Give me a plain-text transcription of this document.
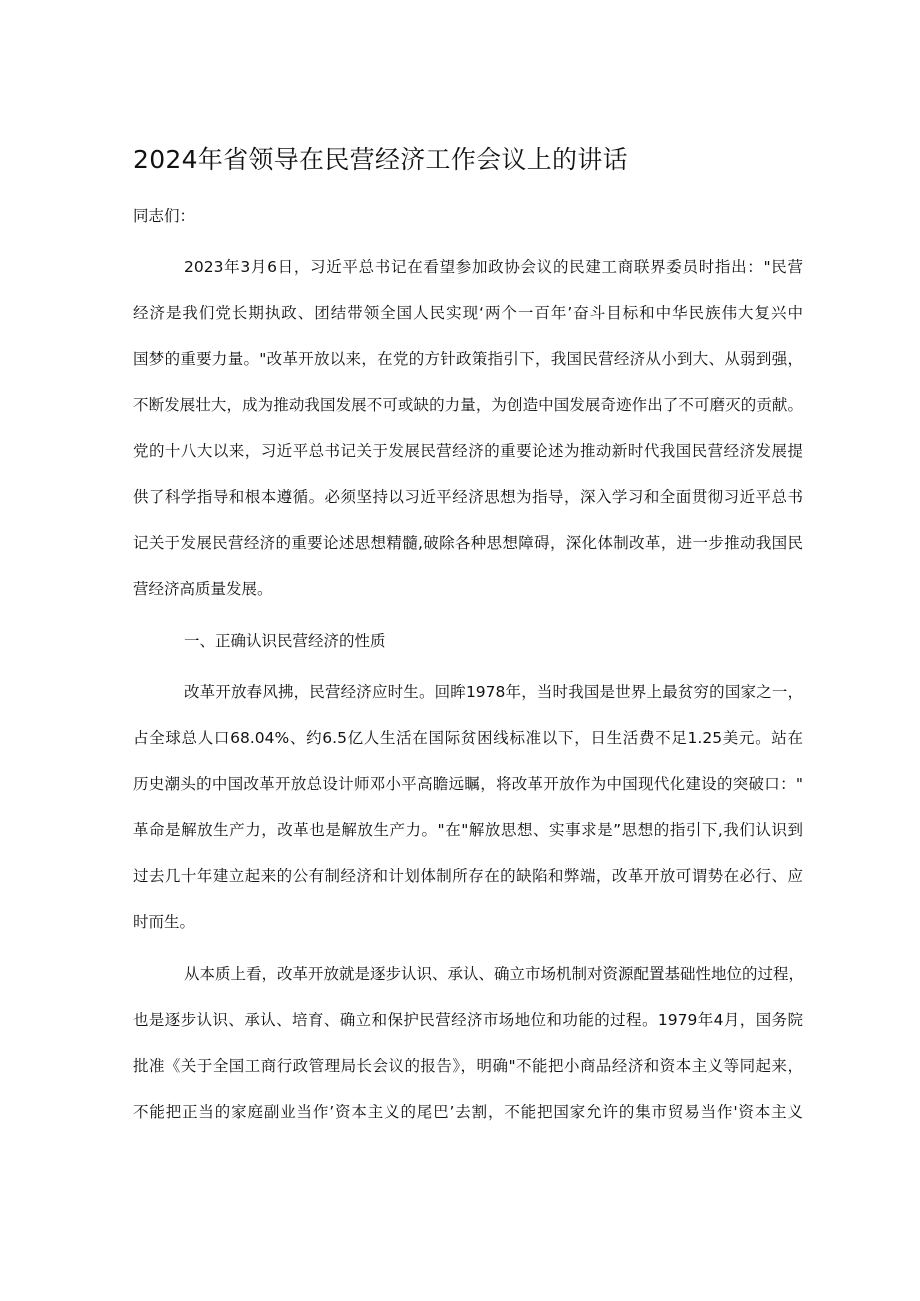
2024年省领导在民营经济工作会议上的讲话
同志们：
2023年3月6日，习近平总书记在看望参加政协会议的民建工商联界委员时指出："民营
经济是我们党长期执政、团结带领全国人民实现‘两个一百年’奋斗目标和中华民族伟大复兴中
国梦的重要力量。"改革开放以来，在党的方针政策指引下，我国民营经济从小到大、从弱到强，
不断发展壮大，成为推动我国发展不可或缺的力量，为创造中国发展奇迹作出了不可磨灭的贡献。
党的十八大以来，习近平总书记关于发展民营经济的重要论述为推动新时代我国民营经济发展提
供了科学指导和根本遵循。必须坚持以习近平经济思想为指导，深入学习和全面贯彻习近平总书
记关于发展民营经济的重要论述思想精髓,破除各种思想障碍，深化体制改革，进一步推动我国民
营经济高质量发展。
一、正确认识民营经济的性质
改革开放春风拂，民营经济应时生。回眸1978年，当时我国是世界上最贫穷的国家之一，
占全球总人口68.04%、约6.5亿人生活在国际贫困线标准以下，日生活费不足1.25美元。站在
历史潮头的中国改革开放总设计师邓小平高瞻远瞩，将改革开放作为中国现代化建设的突破口："
革命是解放生产力，改革也是解放生产力。"在"解放思想、实事求是”思想的指引下,我们认识到
过去几十年建立起来的公有制经济和计划体制所存在的缺陷和弊端，改革开放可谓势在必行、应
时而生。
从本质上看，改革开放就是逐步认识、承认、确立市场机制对资源配置基础性地位的过程，
也是逐步认识、承认、培育、确立和保护民营经济市场地位和功能的过程。1979年4月，国务院
批准《关于全国工商行政管理局长会议的报告》，明确"不能把小商品经济和资本主义等同起来，
不能把正当的家庭副业当作’资本主义的尾巴’去割，不能把国家允许的集市贸易当作'资本主义
